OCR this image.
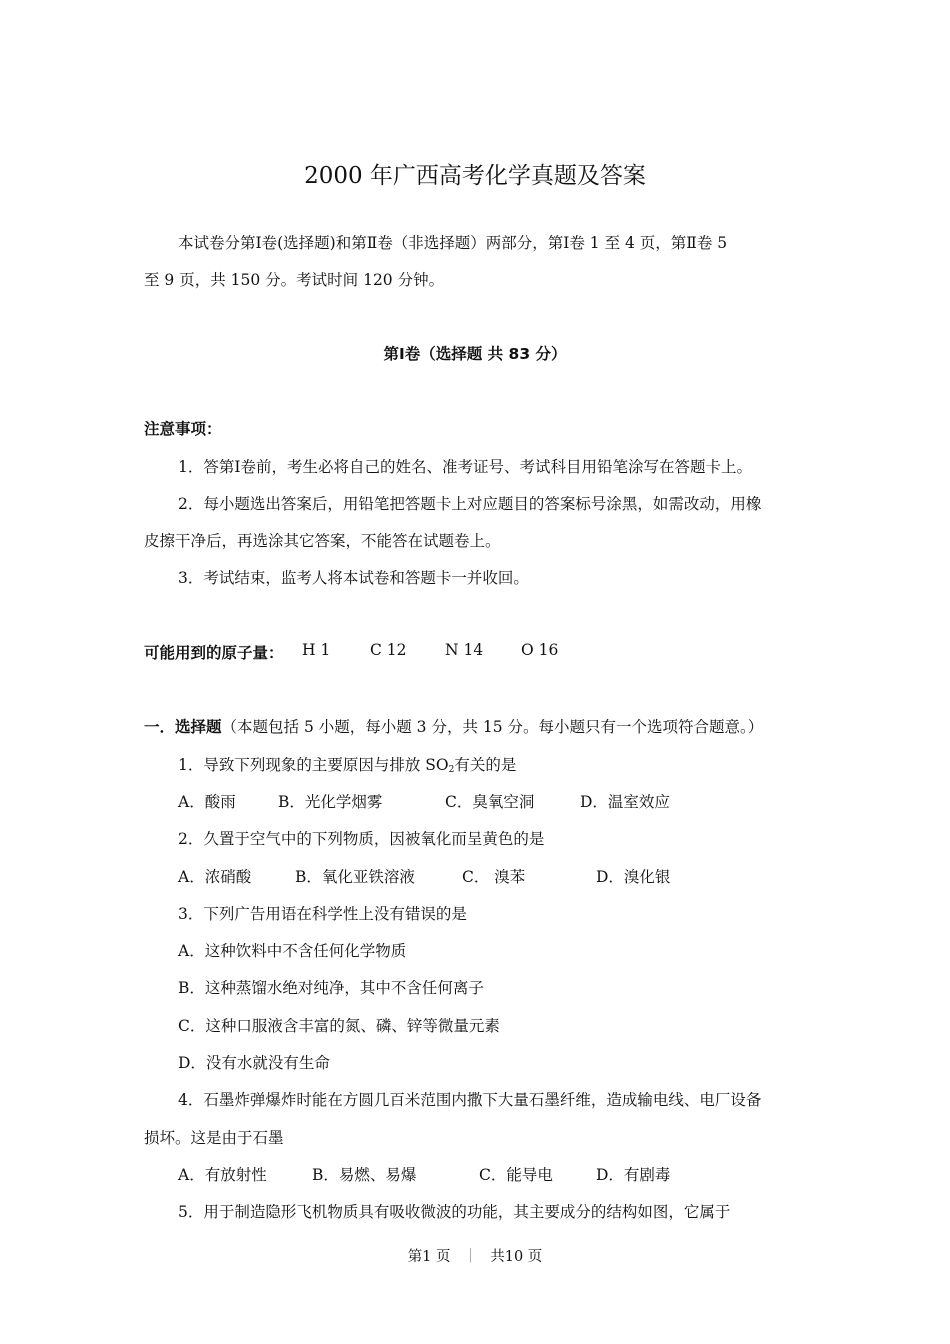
2000 年广西高考化学真题及答案
本试卷分第Ⅰ卷(选择题)和第Ⅱ卷（非选择题）两部分，第Ⅰ卷 1 至 4 页，第Ⅱ卷 5
至 9 页，共 150 分。考试时间 120 分钟。
第Ⅰ卷（选择题 共 83 分）
注意事项：
1．答第Ⅰ卷前，考生必将自己的姓名、准考证号、考试科目用铅笔涂写在答题卡上。
2．每小题选出答案后，用铅笔把答题卡上对应题目的答案标号涂黑，如需改动，用橡
皮擦干净后，再选涂其它答案，不能答在试题卷上。
3．考试结束，监考人将本试卷和答题卡一并收回。
可能用到的原子量： H 1	C 12 N 14 O 16
一．选择题（本题包括 5 小题，每小题 3 分，共 15 分。每小题只有一个选项符合题意。）
1．导致下列现象的主要原因与排放 $SO_2$有关的是
A．酸雨	B．光化学烟雾	C．臭氧空洞	D．温室效应
2．久置于空气中的下列物质，因被氧化而呈黄色的是
A．浓硝酸	B．氧化亚铁溶液	C． 溴苯	D．溴化银
3．下列广告用语在科学性上没有错误的是
A．这种饮料中不含任何化学物质
B．这种蒸馏水绝对纯净，其中不含任何离子
C．这种口服液含丰富的氮、磷、锌等微量元素
D．没有水就没有生命
4．石墨炸弹爆炸时能在方圆几百米范围内撒下大量石墨纤维，造成输电线、电厂设备
损坏。这是由于石墨
A．有放射性	B．易燃、易爆	C．能导电	D．有剧毒
5．用于制造隐形飞机物质具有吸收微波的功能，其主要成分的结构如图，它属于
第1 页 ｜ 共10 页
